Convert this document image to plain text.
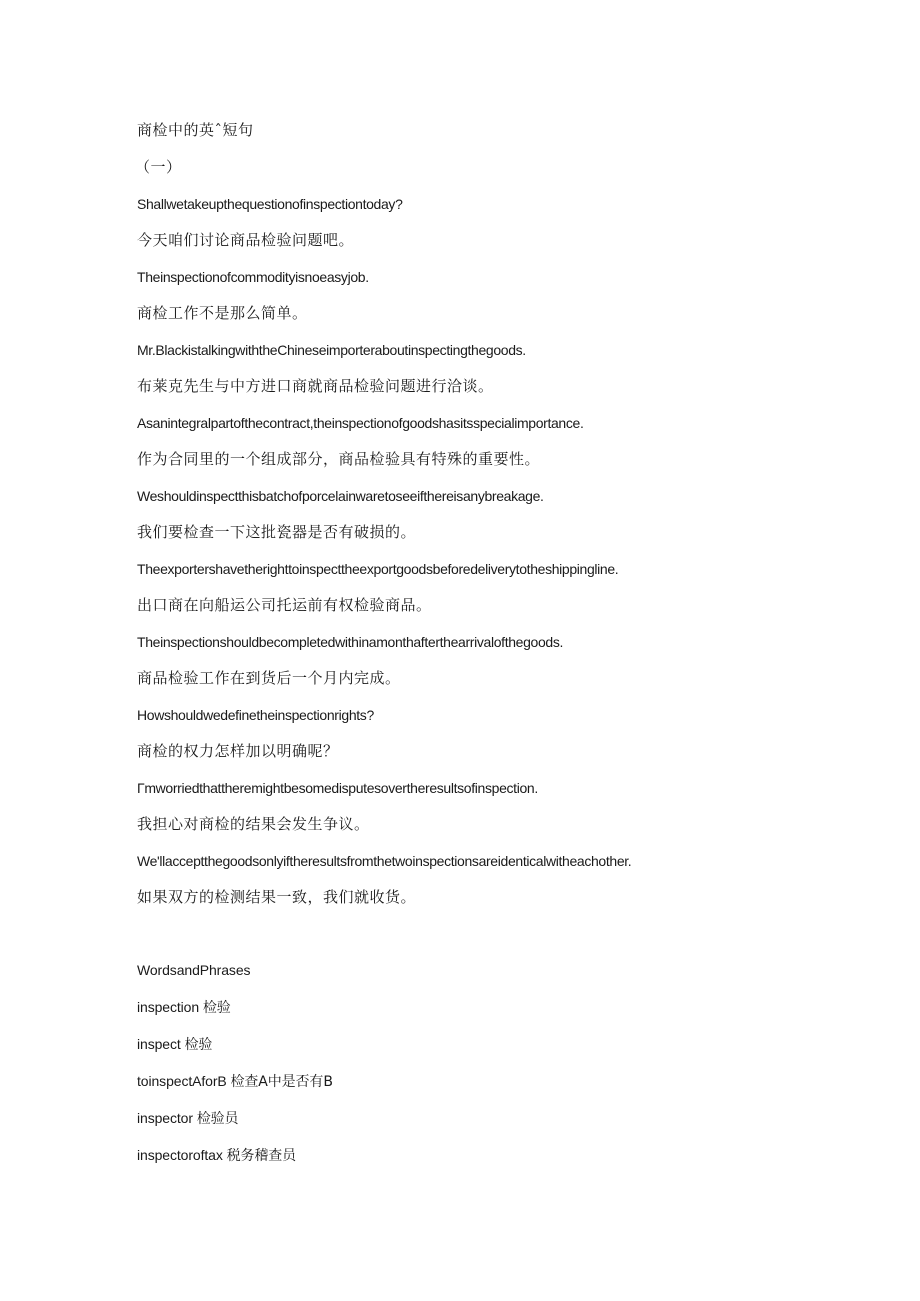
商检中的英ˆ短句
（一）
Shallwetakeupthequestionofinspectiontoday?
今天咱们讨论商品检验问题吧。
Theinspectionofcommodityisnoeasyjob.
商检工作不是那么简单。
Mr.BlackistalkingwiththeChineseimporteraboutinspectingthegoods.
布莱克先生与中方进口商就商品检验问题进行洽谈。
Asanintegralpartofthecontract,theinspectionofgoodshasitsspecialimportance.
作为合同里的一个组成部分，商品检验具有特殊的重要性。
Weshouldinspectthisbatchofporcelainwaretoseeifthereisanybreakage.
我们要检查一下这批瓷器是否有破损的。
Theexportershavetherighttoinspecttheexportgoodsbeforedeliverytotheshippingline.
出口商在向船运公司托运前有权检验商品。
Theinspectionshouldbecompletedwithinamonthafterthearrivalofthegoods.
商品检验工作在到货后一个月内完成。
Howshouldwedefinetheinspectionrights?
商检的权力怎样加以明确呢？
Γmworriedthattheremightbesomedisputesovertheresultsofinspection.
我担心对商检的结果会发生争议。
We'llacceptthegoodsonlyiftheresultsfromthetwoinspectionsareidenticalwitheachother.
如果双方的检测结果一致，我们就收货。
WordsandPhrases
inspection 检验
inspect 检验
toinspectAforB 检查A中是否有B
inspector 检验员
inspectoroftax 税务稽查员
